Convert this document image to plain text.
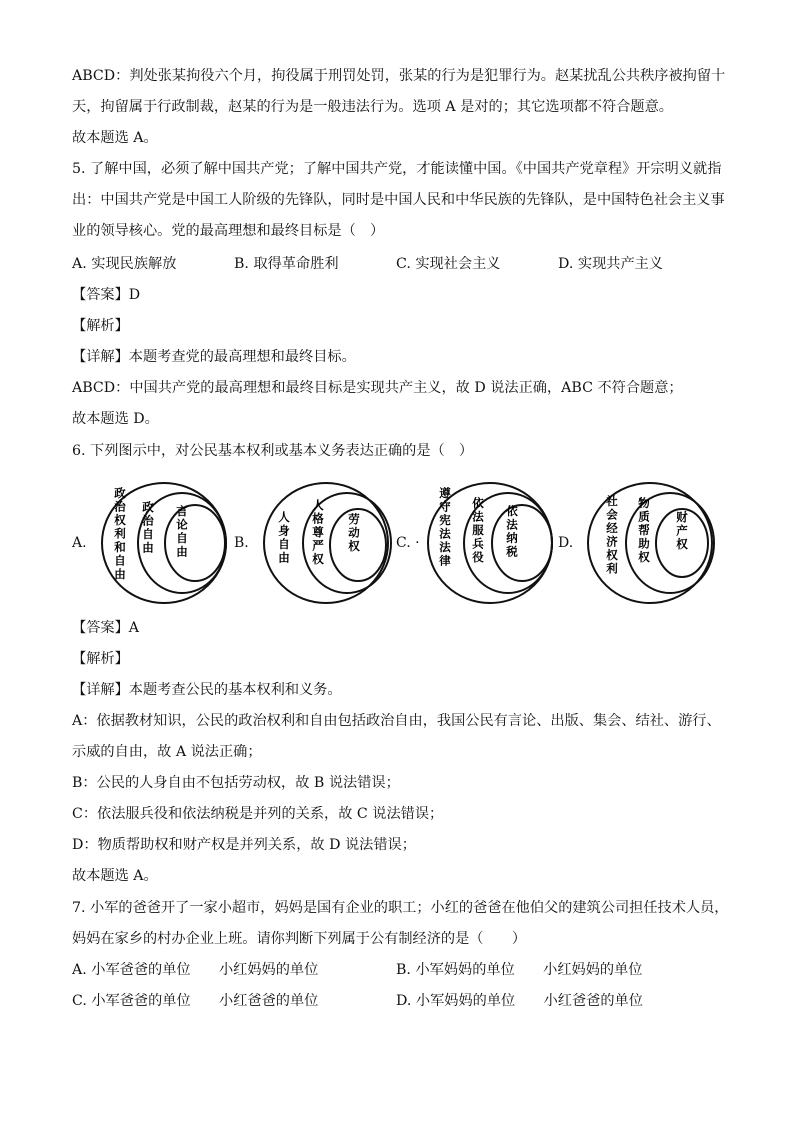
ABCD：判处张某拘役六个月，拘役属于刑罚处罚，张某的行为是犯罪行为。赵某扰乱公共秩序被拘留十
天，拘留属于行政制裁，赵某的行为是一般违法行为。选项 A 是对的；其它选项都不符合题意。
故本题选 A。
5. 了解中国，必须了解中国共产党；了解中国共产党，才能读懂中国。《中国共产党章程》开宗明义就指
出：中国共产党是中国工人阶级的先锋队，同时是中国人民和中华民族的先锋队，是中国特色社会主义事
业的领导核心。党的最高理想和最终目标是（　）
A. 实现民族解放	B. 取得革命胜利	C. 实现社会主义	D. 实现共产主义
【答案】D
【解析】
【详解】本题考查党的最高理想和最终目标。
ABCD：中国共产党的最高理想和最终目标是实现共产主义，故 D 说法正确，ABC 不符合题意；
故本题选 D。
6. 下列图示中，对公民基本权利或基本义务表达正确的是（　）
A.
政治权利和自由
政治自由
言论自由
B.
人身自由
人格尊严权
劳动权	C. ·
遵守宪法法律
依法服兵役
依法纳税
D.
社会经济权利
物质帮助权
财产权
【答案】A
【解析】
【详解】本题考查公民的基本权利和义务。
A：依据教材知识，公民的政治权利和自由包括政治自由，我国公民有言论、出版、集会、结社、游行、
示威的自由，故 A 说法正确；
B：公民的人身自由不包括劳动权，故 B 说法错误；
C：依法服兵役和依法纳税是并列的关系，故 C 说法错误；
D：物质帮助权和财产权是并列关系，故 D 说法错误；
故本题选 A。
7. 小军的爸爸开了一家小超市，妈妈是国有企业的职工；小红的爸爸在他伯父的建筑公司担任技术人员，
妈妈在家乡的村办企业上班。请你判断下列属于公有制经济的是（　　）
A. 小军爸爸的单位　　小红妈妈的单位	B. 小军妈妈的单位　　小红妈妈的单位
C. 小军爸爸的单位　　小红爸爸的单位	D. 小军妈妈的单位　　小红爸爸的单位
